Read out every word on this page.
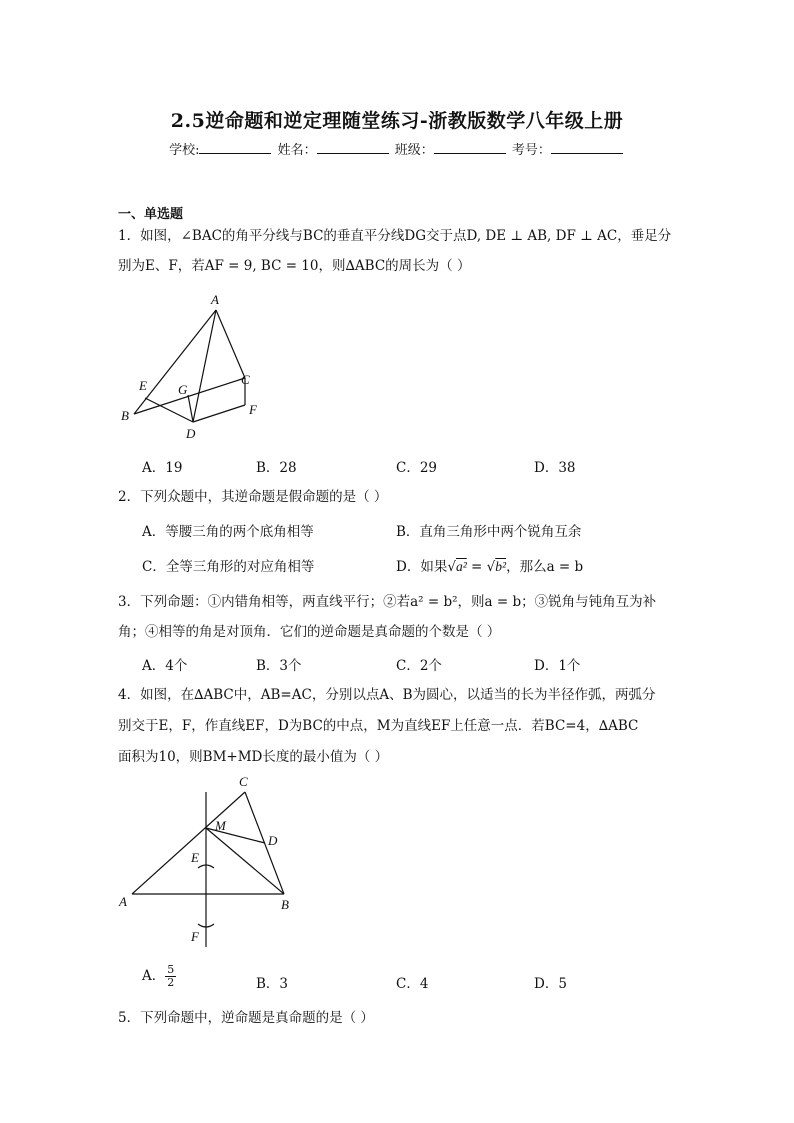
2.5逆命题和逆定理随堂练习-浙教版数学八年级上册
学校:	姓名：	班级：	考号：
一、单选题
1．如图，∠BAC的角平分线与BC的垂直平分线DG交于点D, DE ⊥ AB, DF ⊥ AC，垂足分
别为E、F，若AF = 9, BC = 10，则∆ABC的周长为（ ）
A
B
C
D
E
F
G
A．19	B．28	C．29	D．38
2．下列众题中，其逆命题是假命题的是（ ）
A．等腰三角的两个底角相等	B．直角三角形中两个锐角互余
C．全等三角形的对应角相等	D．如果√a² = √b²，那么a = b
3．下列命题：①内错角相等，两直线平行；②若a² = b²，则a = b；③锐角与钝角互为补
角；④相等的角是对顶角．它们的逆命题是真命题的个数是（ ）
A．4个	B．3个	C．2个	D．1个
4．如图，在∆ABC中，AB=AC，分别以点A、B为圆心，以适当的长为半径作弧，两弧分
别交于E，F，作直线EF，D为BC的中点，M为直线EF上任意一点．若BC=4，∆ABC
面积为10，则BM+MD长度的最小值为（ ）
C
M
D
E
A	B
F
A． $\frac{5}{2}$	B．3	C．4	D．5
5．下列命题中，逆命题是真命题的是（ ）
